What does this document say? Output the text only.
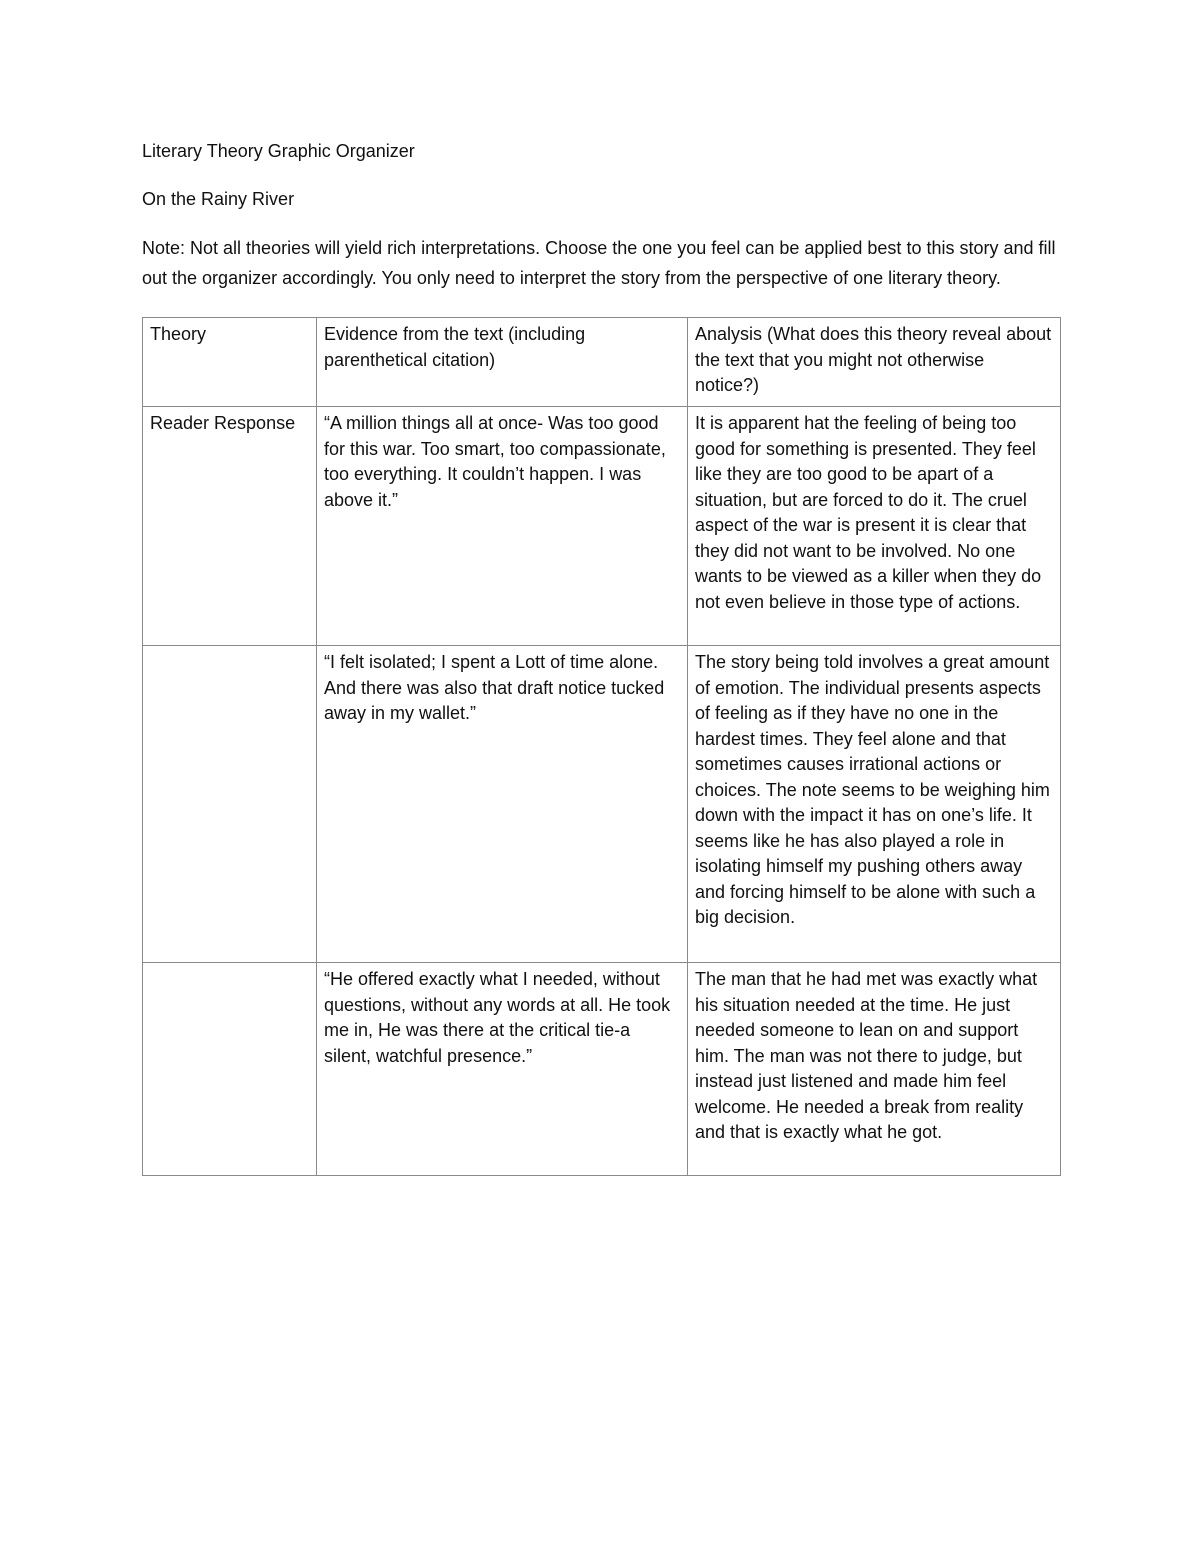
Literary Theory Graphic Organizer
On the Rainy River
Note: Not all theories will yield rich interpretations. Choose the one you feel can be applied best to this story and fill out the organizer accordingly. You only need to interpret the story from the perspective of one literary theory.
Theory	Evidence from the text (including parenthetical citation)	Analysis (What does this theory reveal about the text that you might not otherwise notice?)
Reader Response	“A million things all at once- Was too good for this war. Too smart, too compassionate, too everything. It couldn’t happen. I was above it.”	It is apparent hat the feeling of being too good for something is presented. They feel like they are too good to be apart of a situation, but are forced to do it. The cruel aspect of the war is present it is clear that they did not want to be involved. No one wants to be viewed as a killer when they do not even believe in those type of actions.
	“I felt isolated; I spent a Lott of time alone. And there was also that draft notice tucked away in my wallet.”	The story being told involves a great amount of emotion. The individual presents aspects of feeling as if they have no one in the hardest times. They feel alone and that sometimes causes irrational actions or choices. The note seems to be weighing him down with the impact it has on one’s life. It seems like he has also played a role in isolating himself my pushing others away and forcing himself to be alone with such a big decision.
	“He offered exactly what I needed, without questions, without any words at all. He took me in, He was there at the critical tie-a silent, watchful presence.”	The man that he had met was exactly what his situation needed at the time. He just needed someone to lean on and support him. The man was not there to judge, but instead just listened and made him feel welcome. He needed a break from reality and that is exactly what he got.
